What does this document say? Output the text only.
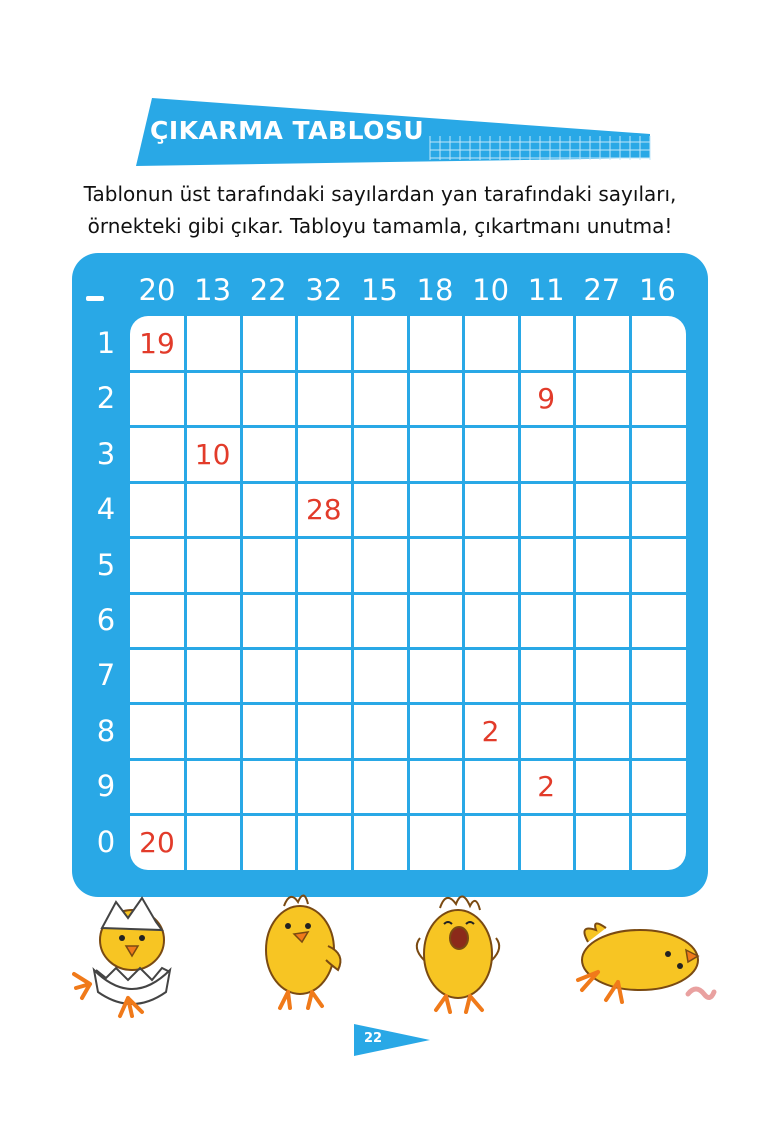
ÇIKARMA TABLOSU
Tablonun üst tarafındaki sayılardan yan tarafındaki sayıları,
örnekteki gibi çıkar. Tabloyu tamamla, çıkartmanı unutma!
20 13 22 32 15 18 10 11 27 16
1
2
3
4
5
6
7
8
9
0
19
9
10
28
2
2
20
22
